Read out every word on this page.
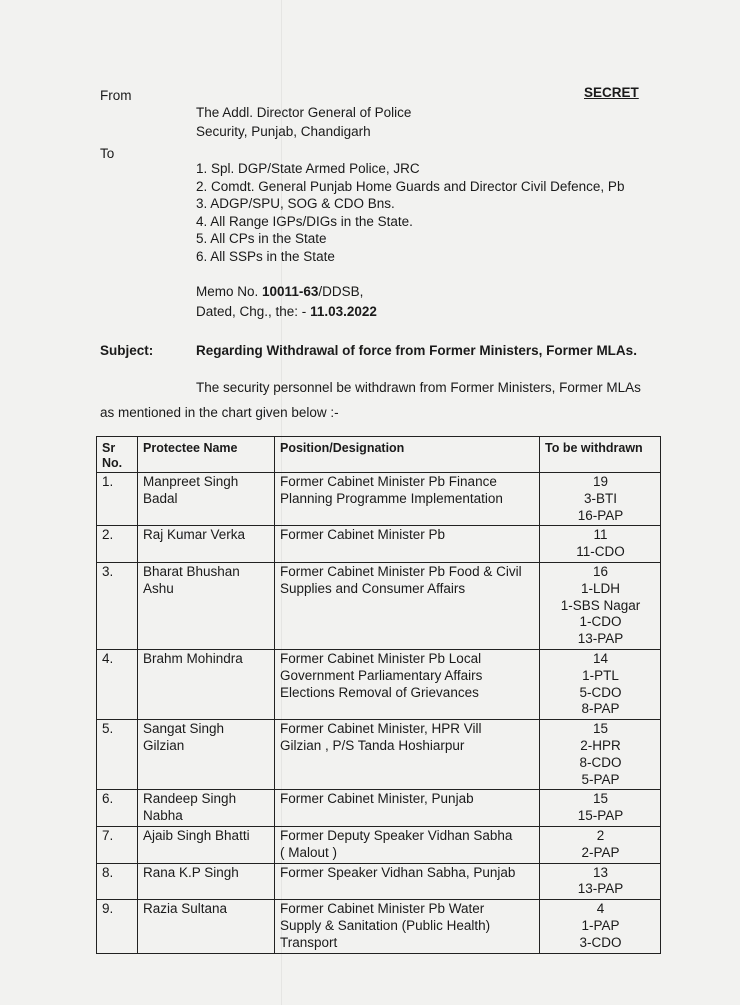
From	SECRET
The Addl. Director General of Police
Security, Punjab, Chandigarh
To
1. Spl. DGP/State Armed Police, JRC
2. Comdt. General Punjab Home Guards and Director Civil Defence, Pb
3. ADGP/SPU, SOG & CDO Bns.
4. All Range IGPs/DIGs in the State.
5. All CPs in the State
6. All SSPs in the State
Memo No. 10011-63/DDSB,
Dated, Chg., the: - 11.03.2022
Subject:	Regarding Withdrawal of force from Former Ministers, Former MLAs.
The security personnel be withdrawn from Former Ministers, Former MLAs
as mentioned in the chart given below :-
Sr
No.	Protectee Name	Position/Designation	To be withdrawn
1.	Manpreet Singh
Badal	Former Cabinet Minister Pb Finance
Planning Programme Implementation	19
3-BTI
16-PAP

2.	Raj Kumar Verka	Former Cabinet Minister Pb	11
11-CDO

3.	Bharat Bhushan
Ashu	Former Cabinet Minister Pb Food & Civil
Supplies and Consumer Affairs	16
1-LDH
1-SBS Nagar
1-CDO
13-PAP

4.	Brahm Mohindra	Former Cabinet Minister Pb Local
Government Parliamentary Affairs
Elections Removal of Grievances	14
1-PTL
5-CDO
8-PAP

5.	Sangat Singh
Gilzian	Former Cabinet Minister, HPR Vill
Gilzian , P/S Tanda Hoshiarpur	15
2-HPR
8-CDO
5-PAP

6.	Randeep Singh
Nabha	Former Cabinet Minister, Punjab	15
15-PAP

7.	Ajaib Singh Bhatti	Former Deputy Speaker Vidhan Sabha
( Malout )	2
2-PAP

8.	Rana K.P Singh	Former Speaker Vidhan Sabha, Punjab	13
13-PAP

9.	Razia Sultana	Former Cabinet Minister Pb Water
Supply & Sanitation (Public Health)
Transport	4
1-PAP
3-CDO
